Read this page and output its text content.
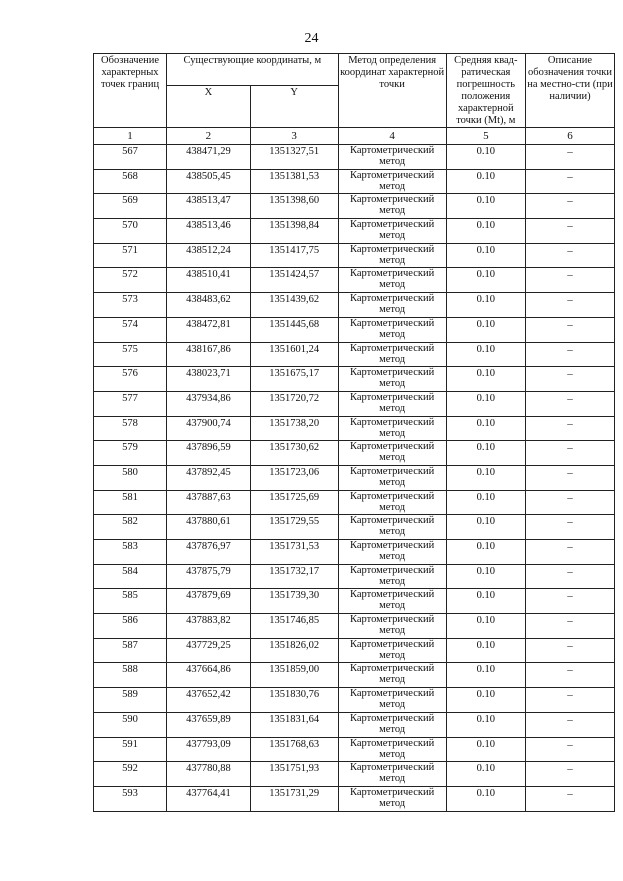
24
Обозначение характерных точек границ	Существующие координаты, м		Метод определения координат характерной точки	Средняя квад-ратическая погрешность положения характерной точки (Mt), м	Описание обозначения точки на местно-сти (при наличии)
	X	Y			
1	2	3	4	5	6
567	438471,29	1351327,51	Картометрический метод	0.10	–
568	438505,45	1351381,53	Картометрический метод	0.10	–
569	438513,47	1351398,60	Картометрический метод	0.10	–
570	438513,46	1351398,84	Картометрический метод	0.10	–
571	438512,24	1351417,75	Картометрический метод	0.10	–
572	438510,41	1351424,57	Картометрический метод	0.10	–
573	438483,62	1351439,62	Картометрический метод	0.10	–
574	438472,81	1351445,68	Картометрический метод	0.10	–
575	438167,86	1351601,24	Картометрический метод	0.10	–
576	438023,71	1351675,17	Картометрический метод	0.10	–
577	437934,86	1351720,72	Картометрический метод	0.10	–
578	437900,74	1351738,20	Картометрический метод	0.10	–
579	437896,59	1351730,62	Картометрический метод	0.10	–
580	437892,45	1351723,06	Картометрический метод	0.10	–
581	437887,63	1351725,69	Картометрический метод	0.10	–
582	437880,61	1351729,55	Картометрический метод	0.10	–
583	437876,97	1351731,53	Картометрический метод	0.10	–
584	437875,79	1351732,17	Картометрический метод	0.10	–
585	437879,69	1351739,30	Картометрический метод	0.10	–
586	437883,82	1351746,85	Картометрический метод	0.10	–
587	437729,25	1351826,02	Картометрический метод	0.10	–
588	437664,86	1351859,00	Картометрический метод	0.10	–
589	437652,42	1351830,76	Картометрический метод	0.10	–
590	437659,89	1351831,64	Картометрический метод	0.10	–
591	437793,09	1351768,63	Картометрический метод	0.10	–
592	437780,88	1351751,93	Картометрический метод	0.10	–
593	437764,41	1351731,29	Картометрический метод	0.10	–
